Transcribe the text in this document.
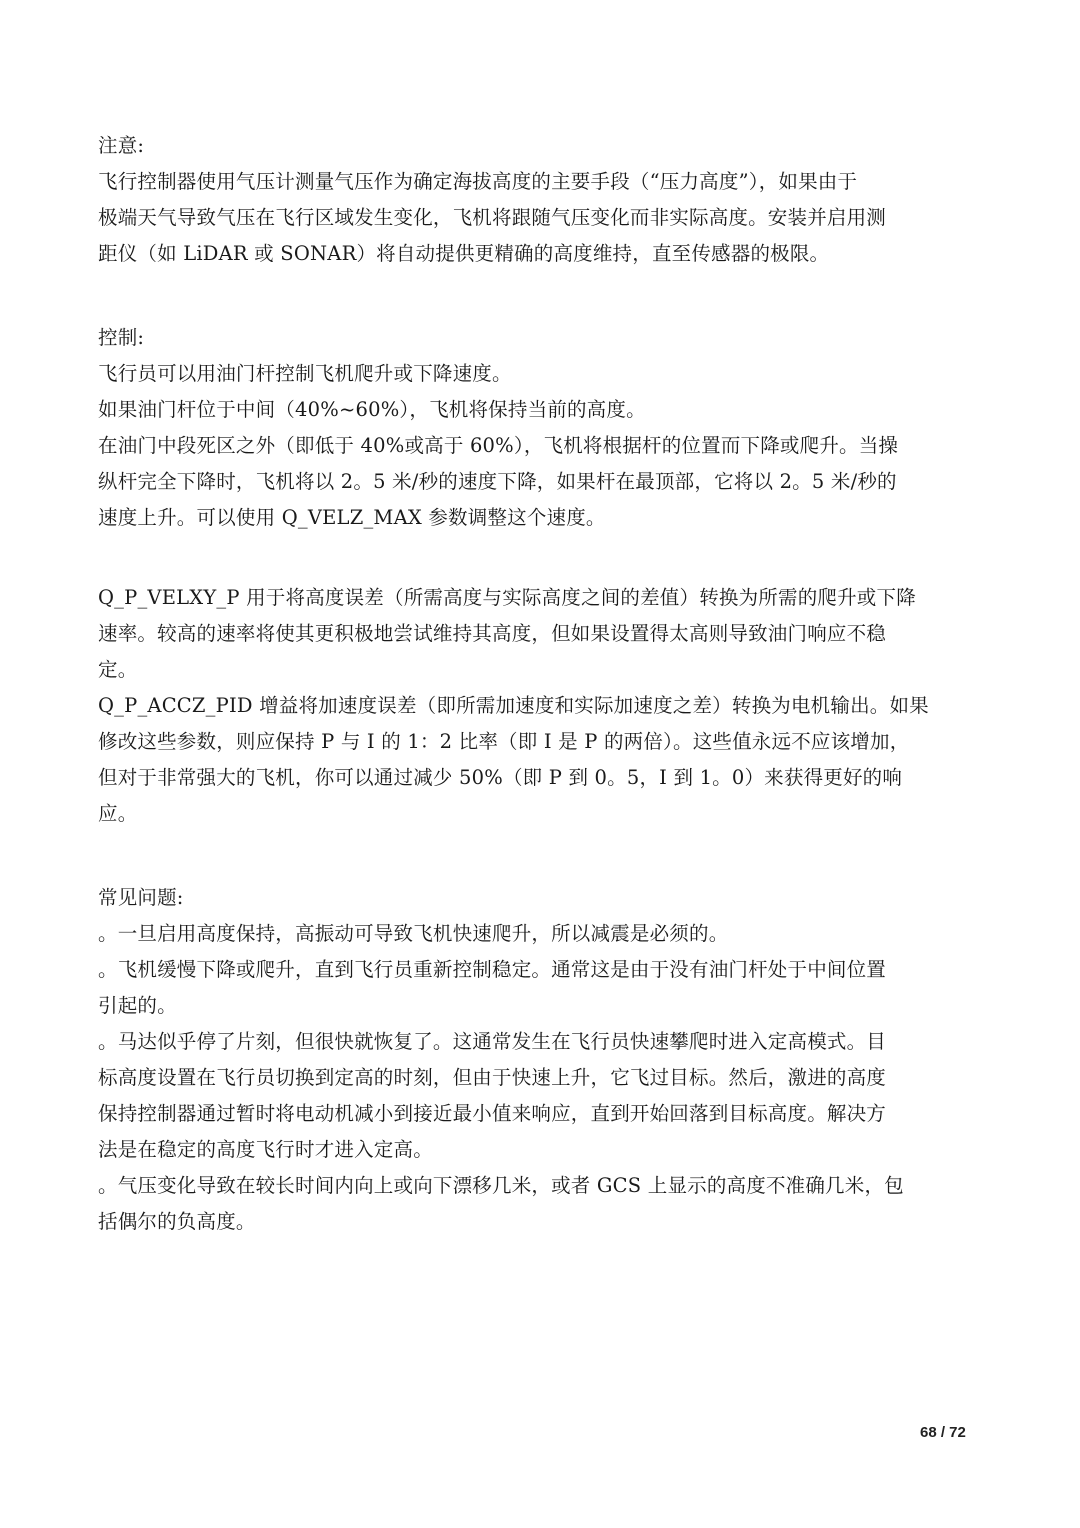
注意:
飞行控制器使用气压计测量气压作为确定海拔高度的主要手段（“压力高度”），如果由于
极端天气导致气压在飞行区域发生变化，飞机将跟随气压变化而非实际高度。安装并启用测
距仪（如 LiDAR 或 SONAR）将自动提供更精确的高度维持，直至传感器的极限。
控制:
飞行员可以用油门杆控制飞机爬升或下降速度。
如果油门杆位于中间（40%~60%），飞机将保持当前的高度。
在油门中段死区之外（即低于 40%或高于 60%），飞机将根据杆的位置而下降或爬升。当操
纵杆完全下降时，飞机将以 2。5 米/秒的速度下降，如果杆在最顶部，它将以 2。5 米/秒的
速度上升。可以使用 Q_VELZ_MAX 参数调整这个速度。
Q_P_VELXY_P 用于将高度误差（所需高度与实际高度之间的差值）转换为所需的爬升或下降
速率。较高的速率将使其更积极地尝试维持其高度，但如果设置得太高则导致油门响应不稳
定。
Q_P_ACCZ_PID 增益将加速度误差（即所需加速度和实际加速度之差）转换为电机输出。如果
修改这些参数，则应保持 P 与 I 的 1：2 比率（即 I 是 P 的两倍）。这些值永远不应该增加，
但对于非常强大的飞机，你可以通过减少 50%（即 P 到 0。5，I 到 1。0）来获得更好的响
应。
常见问题:
。一旦启用高度保持，高振动可导致飞机快速爬升，所以减震是必须的。
。飞机缓慢下降或爬升，直到飞行员重新控制稳定。通常这是由于没有油门杆处于中间位置
引起的。
。马达似乎停了片刻，但很快就恢复了。这通常发生在飞行员快速攀爬时进入定高模式。目
标高度设置在飞行员切换到定高的时刻，但由于快速上升，它飞过目标。然后，激进的高度
保持控制器通过暂时将电动机减小到接近最小值来响应，直到开始回落到目标高度。解决方
法是在稳定的高度飞行时才进入定高。
。气压变化导致在较长时间内向上或向下漂移几米，或者 GCS 上显示的高度不准确几米，包
括偶尔的负高度。
68 / 72
